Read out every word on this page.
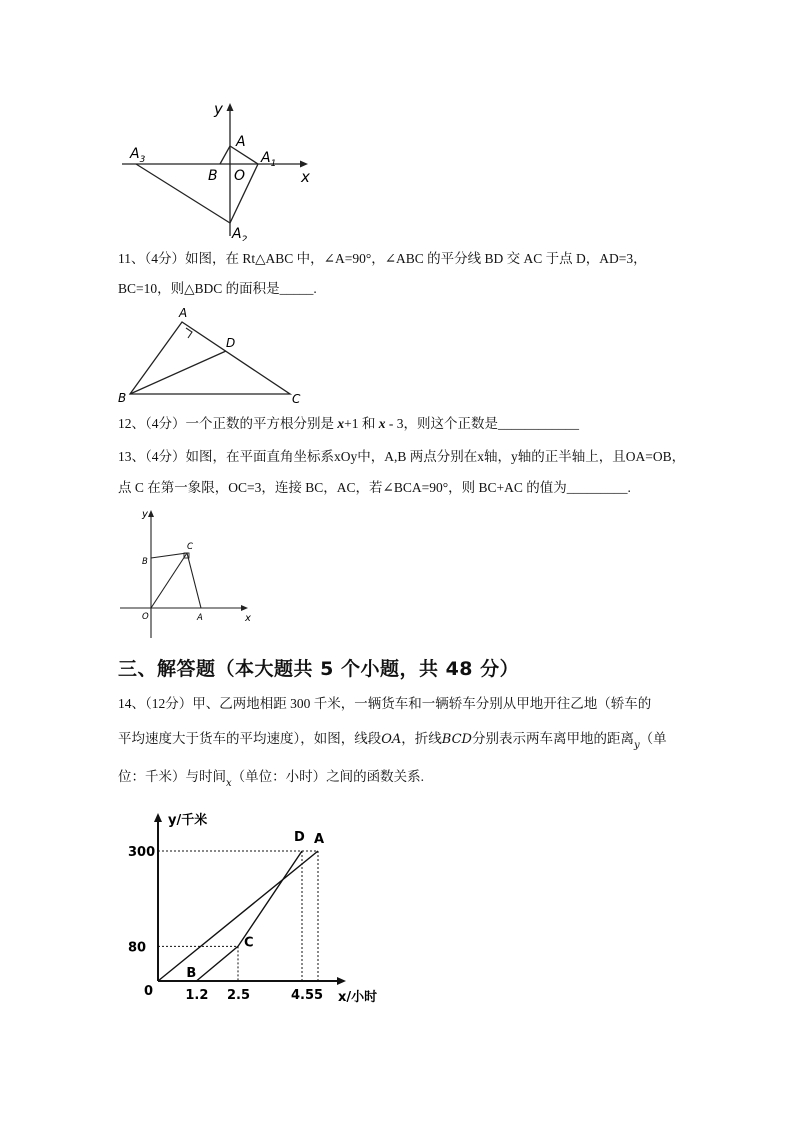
y
x
A
$A_1$
$A_3$
$A_2$
B O
11、（4分）如图，在 Rt△ABC 中，∠A=90°，∠ABC 的平分线 BD 交 AC 于点 D，AD=3，
BC=10，则△BDC 的面积是_____.
A
B	C
D
12、（4分）一个正数的平方根分别是 x+1 和 x - 3，则这个正数是____________
13、（4分）如图，在平面直角坐标系xOy中，A,B 两点分别在x轴，y轴的正半轴上，且OA=OB，
点 C 在第一象限，OC=3，连接 BC，AC，若∠BCA=90°，则 BC+AC 的值为_________.
y
x
B
C
O	A
三、解答题（本大题共 5 个小题，共 48 分）
14、（12分）甲、乙两地相距 300 千米，一辆货车和一辆轿车分别从甲地开往乙地（轿车的
平均速度大于货车的平均速度），如图，线段OA，折线BCD分别表示两车离甲地的距离$_y$（单
位：千米）与时间$_x$（单位：小时）之间的函数关系.
y/千米
x/小时
0
80
300
1.2 2.5	4.5 5
A
B
C
D
